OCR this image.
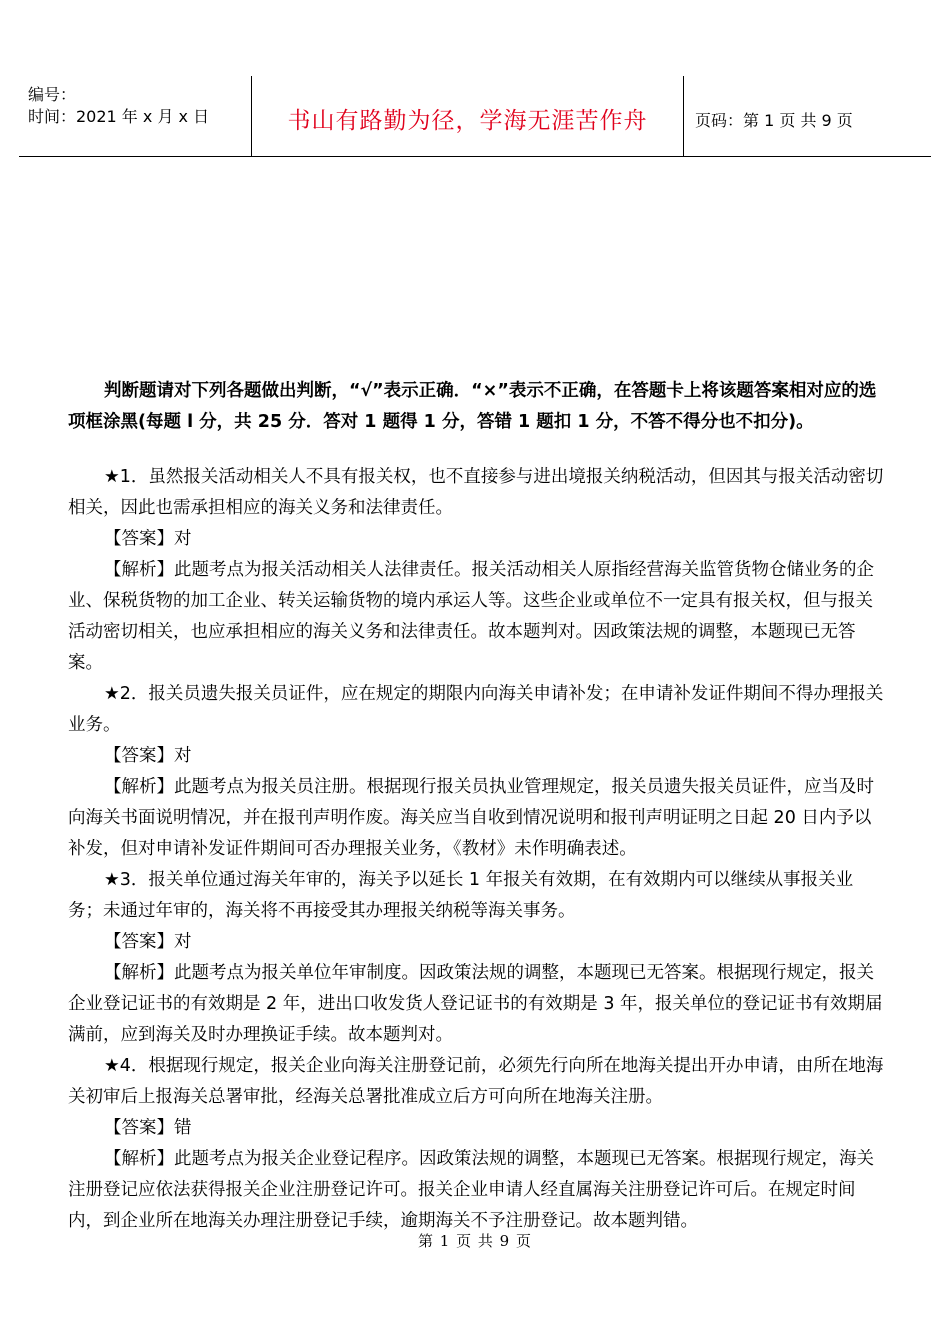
编号：
时间：2021 年 x 月 x 日	书山有路勤为径，学海无涯苦作舟	页码：第 1 页 共 9 页

判断题请对下列各题做出判断，“√”表示正确．“×”表示不正确，在答题卡上将该题答案相对应的选项框涂黑(每题 l 分，共 25 分．答对 1 题得 1 分，答错 1 题扣 1 分，不答不得分也不扣分)。

★1．虽然报关活动相关人不具有报关权，也不直接参与进出境报关纳税活动，但因其与报关活动密切相关，因此也需承担相应的海关义务和法律责任。

【答案】对

【解析】此题考点为报关活动相关人法律责任。报关活动相关人原指经营海关监管货物仓储业务的企业、保税货物的加工企业、转关运输货物的境内承运人等。这些企业或单位不一定具有报关权，但与报关活动密切相关，也应承担相应的海关义务和法律责任。故本题判对。因政策法规的调整，本题现已无答案。

★2．报关员遗失报关员证件，应在规定的期限内向海关申请补发；在申请补发证件期间不得办理报关业务。

【答案】对

【解析】此题考点为报关员注册。根据现行报关员执业管理规定，报关员遗失报关员证件，应当及时向海关书面说明情况，并在报刊声明作废。海关应当自收到情况说明和报刊声明证明之日起 20 日内予以补发，但对申请补发证件期间可否办理报关业务，《教材》未作明确表述。

★3．报关单位通过海关年审的，海关予以延长 1 年报关有效期，在有效期内可以继续从事报关业务；未通过年审的，海关将不再接受其办理报关纳税等海关事务。

【答案】对

【解析】此题考点为报关单位年审制度。因政策法规的调整，本题现已无答案。根据现行规定，报关企业登记证书的有效期是 2 年，进出口收发货人登记证书的有效期是 3 年，报关单位的登记证书有效期届满前，应到海关及时办理换证手续。故本题判对。

★4．根据现行规定，报关企业向海关注册登记前，必须先行向所在地海关提出开办申请，由所在地海关初审后上报海关总署审批，经海关总署批准成立后方可向所在地海关注册。

【答案】错

【解析】此题考点为报关企业登记程序。因政策法规的调整，本题现已无答案。根据现行规定，海关注册登记应依法获得报关企业注册登记许可。报关企业申请人经直属海关注册登记许可后。在规定时间内，到企业所在地海关办理注册登记手续，逾期海关不予注册登记。故本题判错。

第 1 页 共 9 页
